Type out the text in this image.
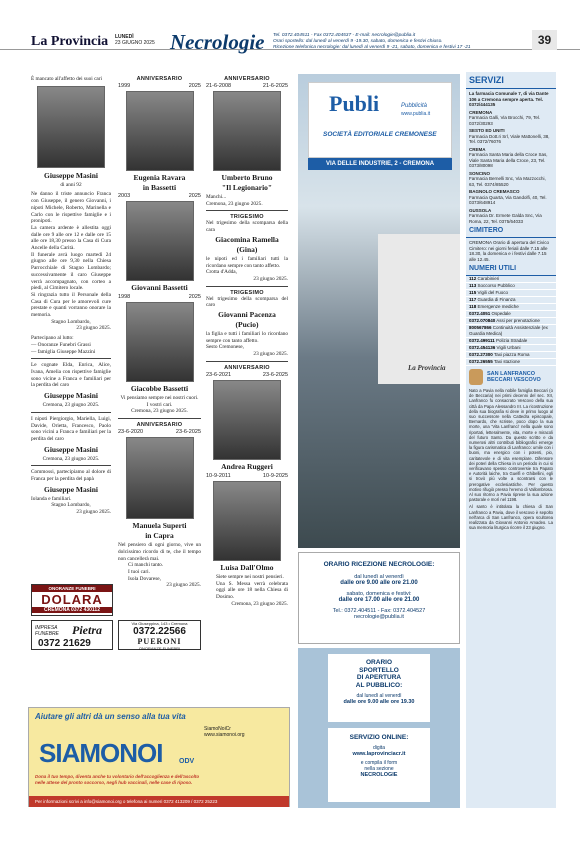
La Provincia LUNEDÌ
23 GIUGNO 2025 Necrologie Tel. 0372.404511 - Fax 0372.404537 - E-mail: necrologie@publia.it
Orari sportello: dal lunedì al venerdì 9 -19.30, sabato, domenica e festivi chiuso.
Ricezione telefonica necrologie: dal lunedì al venerdì 9 -21, sabato, domenica e festivi 17 -21
39
È mancato all'affetto dei suoi cari
Giuseppe Masini
di anni 92
Ne danno il triste annuncio Franca con Giuseppe, il genero Giovanni, i nipoti Michele, Roberto, Marinella e Carlo con le rispettive famiglie e i pronipoti.
La camera ardente è allestita oggi dalle ore 9 alle ore 12 e dalle ore 15 alle ore 18,30 presso la Casa di Cura Ancelle della Carità.
Il funerale avrà luogo martedì 24 giugno alle ore 9,30 nella Chiesa Parrocchiale di Stagno Lombardo; successivamente il caro Giuseppe verrà accompagnato, con corteo a piedi, al Cimitero locale.
Si ringrazia tutto il Personale della Casa di Cura per le amorevoli cure prestate e quanti vorranno onorare la memoria.
Stagno Lombardo,
23 giugno 2025.
Partecipano al lutto:
— Onoranze Funebri Grassi
— famiglia Giuseppe Mazzini
Le cognate Elda, Enrica, Alice, Ivana, Amelia con rispettive famiglie sono vicine a Franca e familiari per la perdita del caro
Giuseppe Masini
Cremona, 23 giugno 2025.
I nipoti Piergiorgio, Mariella, Luigi, Davide, Orietta, Francesco, Paolo sono vicini a Franca e familiari per la perdita del caro
Giuseppe Masini
Cremona, 23 giugno 2025.
Commossi, partecipiamo al dolore di Franca per la perdita del papà
Giuseppe Masini
Iolanda e familiari.
Stagno Lombardo,
23 giugno 2025.
ONORANZE FUNEBRI
DOLARA
CREMONA 0372 430112
IMPRESA
FUNEBRE Pietra
0372 21629
ANNIVERSARIO
1999	2025
Eugenia Ravara
in Bassetti
2003	2025
Giovanni Bassetti
1998	2025
Giacobbe Bassetti
Vi pensiamo sempre nei nostri cuori.
I vostri cari.
Cremona, 23 giugno 2025.
ANNIVERSARIO
23-6-2020	23-6-2025
Manuela Superti
in Capra
Nel pensiero di ogni giorno, vive un dolcissimo ricordo di te, che il tempo non cancellerà mai.
Ci manchi tanto.
I tuoi cari.
Isola Dovarese,
23 giugno 2025.
Via Giuseppina, 143 • Cremona
0372.22566
PUERONI
ONORANZE FUNEBRI
ANNIVERSARIO
21-6-2008	21-6-2025
Umberto Bruno
"Il Legionario"
Manchi...
Cremona, 23 giugno 2025.
TRIGESIMO
Nel trigesimo della scomparsa della cara
Giacomina Ramella
(Gina)
le nipoti ed i familiari tutti la ricordano sempre con tanto affetto.
Crotta d'Adda,
23 giugno 2025.
TRIGESIMO
Nel trigesimo della scomparsa del caro
Giovanni Pacenza
(Pucio)
la figlia e tutti i familiari lo ricordano sempre con tanto affetto.
Sesto Cremonese,
23 giugno 2025.
ANNIVERSARIO
23-6-2021	23-6-2025
Andrea Ruggeri
10-9-2011	10-9-2025
Luisa Dall'Olmo
Siete sempre nei nostri pensieri.
Una S. Messa verrà celebrata oggi alle ore 18 nella Chiesa di Dosimo.
Cremona, 23 giugno 2025.
Publi	Pubblicità
www.publia.it
SOCIETÀ EDITORIALE CREMONESE
VIA DELLE INDUSTRIE, 2 - CREMONA
La Provincia
ORARIO RICEZIONE NECROLOGIE:
dal lunedì al venerdì
dalle ore 9.00 alle ore 21.00
sabato, domenica e festivi:
dalle ore 17.00 alle ore 21.00
Tel.: 0372.404511 - Fax: 0372.404527
necrologie@publia.it
ORARIO
SPORTELLO
DI APERTURA
AL PUBBLICO:
dal lunedì al venerdì
dalle ore 9.00 alle ore 19.30
SERVIZIO ONLINE:
digita
www.laprovinciacr.it
e compila il form
nella sezione
NECROLOGIE
SERVIZI
La farmacia Comunale 7, di via Dante 106 a Cremona sempre aperta. Tel. 0372/444135
CREMONA
Farmacia Galli, Via Brocchi, 79, Tel. 0372/30293
SESTO ED UNITI
Farmacia Dott.ri Srl, Viale Mattonelli, 38, Tel. 0372/76076
CREMA
Farmacia Santa Maria della Croce Sas, Viale Santa Maria della Croce, 23, Tel. 0373/80098
SONCINO
Farmacia Bernelli Snc, Via Mazzocchi, 63, Tel. 0374/85520
BAGNOLO CREMASCO
Farmacia Quarta, Via Gandolfi, 40, Tel. 0373/648914
GUSSOLA
Farmacia Dr. Ermete Galda Snc, Via Roma, 22, Tel. 0375/64033
CIMITERO
CREMONA Orario di apertura del Civico Cimitero: nei giorni feriali dalle 7.15 alle 18.30, la domenica e i festivi dalle 7.15 alle 12.45.
NUMERI UTILI
112 Carabinieri
113 Soccorso Pubblico
115 Vigili del Fuoco
117 Guardia di Finanza
118 Emergenze mediche
0372.4051 Ospedale
0372.070840 Assi per prenotazione
800567866 Continuità Assistenziale (ex Guardia Medica)
0372.499111 Polizia Stradale
0372.454136 Vigili Urbani
0372.27300 Taxi piazza Roma
0372.26555 Taxi stazione
SAN LANFRANCO BECCARI VESCOVO
Nato a Pavia nella nobile famiglia Beccari (o de Beccaria) nei primi decenni del sec. XII, Lanfranco fu consacrato Vescovo della sua città da Papa Alessandro III. La ricostruzione della sua biografia si deve in primo luogo al suo successore nella Cattedra episcopale, Bernardo, che scrisse, poco dopo la sua morte, una 'Vita Lanfranci' nella quale sono riportati, letteralmente, vita, morte e miracoli del futuro Santo. Da questo scritto e da numerosi altri contributi bibliografici emerge la figura carismatica di Lanfranco: umile con i buoni, ma energico con i potenti, pio, caritatevole e di vita esemplare. Difensore dei poteri della Chiesa in un periodo in cui si verificavano spesso controversie tra Papato e Autorità laiche, tra Guelfi e Ghibellini, egli si trovò più volte a scontrarsi con le prerogative ecclesiastiche. Per questo motivo rifugiò presso l'eremo di Vallombrosa. Al suo ritorno a Pavia riprese la sua azione pastorale e morì nel 1198.
Al santo è intitolata la chiesa di San Lanfranco a Pavia, dove il vescovo è sepolto nell'arca di San Lanfranco, opera scultorea realizzata da Giovanni Antonio Amadeo. La sua memoria liturgica ricorre il 23 giugno.
Aiutare gli altri dà un senso alla tua vita
SiamoNoiCr
www.siamonoi.org
SIAMONOI ODV
Dona il tuo tempo, diventa anche tu volontario dell'accoglienza e dell'ascolto
nelle attese del pronto soccorso, negli hub vaccinali, nelle case di riposo.
Per informazioni scrivi a info@siamonoi.org o telefona ai numeri 0372 413209 / 0372 25223
